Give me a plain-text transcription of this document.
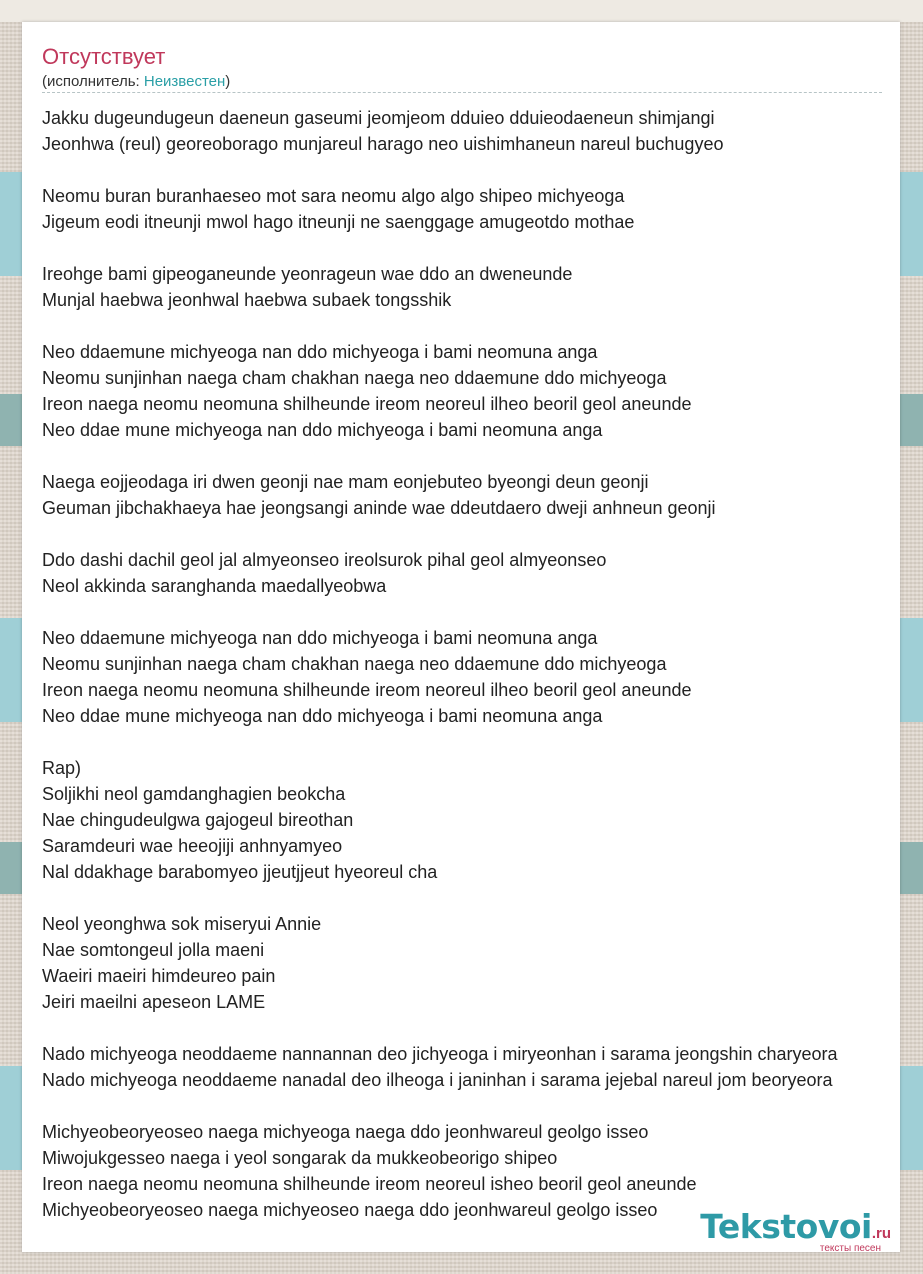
Отсутствует
(исполнитель: Неизвестен)
Jakku dugeundugeun daeneun gaseumi jeomjeom dduieo dduieodaeneun shimjangi
Jeonhwa (reul) georeoborago munjareul harago neo uishimhaneun nareul buchugyeo
Neomu buran buranhaeseo mot sara neomu algo algo shipeo michyeoga
Jigeum eodi itneunji mwol hago itneunji ne saenggage amugeotdo mothae
Ireohge bami gipeoganeunde yeonrageun wae ddo an dweneunde
Munjal haebwa jeonhwal haebwa subaek tongsshik
Neo ddaemune michyeoga nan ddo michyeoga i bami neomuna anga
Neomu sunjinhan naega cham chakhan naega neo ddaemune ddo michyeoga
Ireon naega neomu neomuna shilheunde ireom neoreul ilheo beoril geol aneunde
Neo ddae mune michyeoga nan ddo michyeoga i bami neomuna anga
Naega eojjeodaga iri dwen geonji nae mam eonjebuteo byeongi deun geonji
Geuman jibchakhaeya hae jeongsangi aninde wae ddeutdaero dweji anhneun geonji
Ddo dashi dachil geol jal almyeonseo ireolsurok pihal geol almyeonseo
Neol akkinda saranghanda maedallyeobwa
Neo ddaemune michyeoga nan ddo michyeoga i bami neomuna anga
Neomu sunjinhan naega cham chakhan naega neo ddaemune ddo michyeoga
Ireon naega neomu neomuna shilheunde ireom neoreul ilheo beoril geol aneunde
Neo ddae mune michyeoga nan ddo michyeoga i bami neomuna anga
Rap)
Soljikhi neol gamdanghagien beokcha
Nae chingudeulgwa gajogeul bireothan
Saramdeuri wae heeojiji anhnyamyeo
Nal ddakhage barabomyeo jjeutjjeut hyeoreul cha
Neol yeonghwa sok miseryui Annie
Nae somtongeul jolla maeni
Waeiri maeiri himdeureo pain
Jeiri maeilni apeseon LAME
Nado michyeoga neoddaeme nannannan deo jichyeoga i miryeonhan i sarama jeongshin charyeora
Nado michyeoga neoddaeme nanadal deo ilheoga i janinhan i sarama jejebal nareul jom beoryeora
Michyeobeoryeoseo naega michyeoga naega ddo jeonhwareul geolgo isseo
Miwojukgesseo naega i yeol songarak da mukkeobeorigo shipeo
Ireon naega neomu neomuna shilheunde ireom neoreul isheo beoril geol aneunde
Michyeobeoryeoseo naega michyeoseo naega ddo jeonhwareul geolgo isseo	Tekstovoi.ru
тексты песен
